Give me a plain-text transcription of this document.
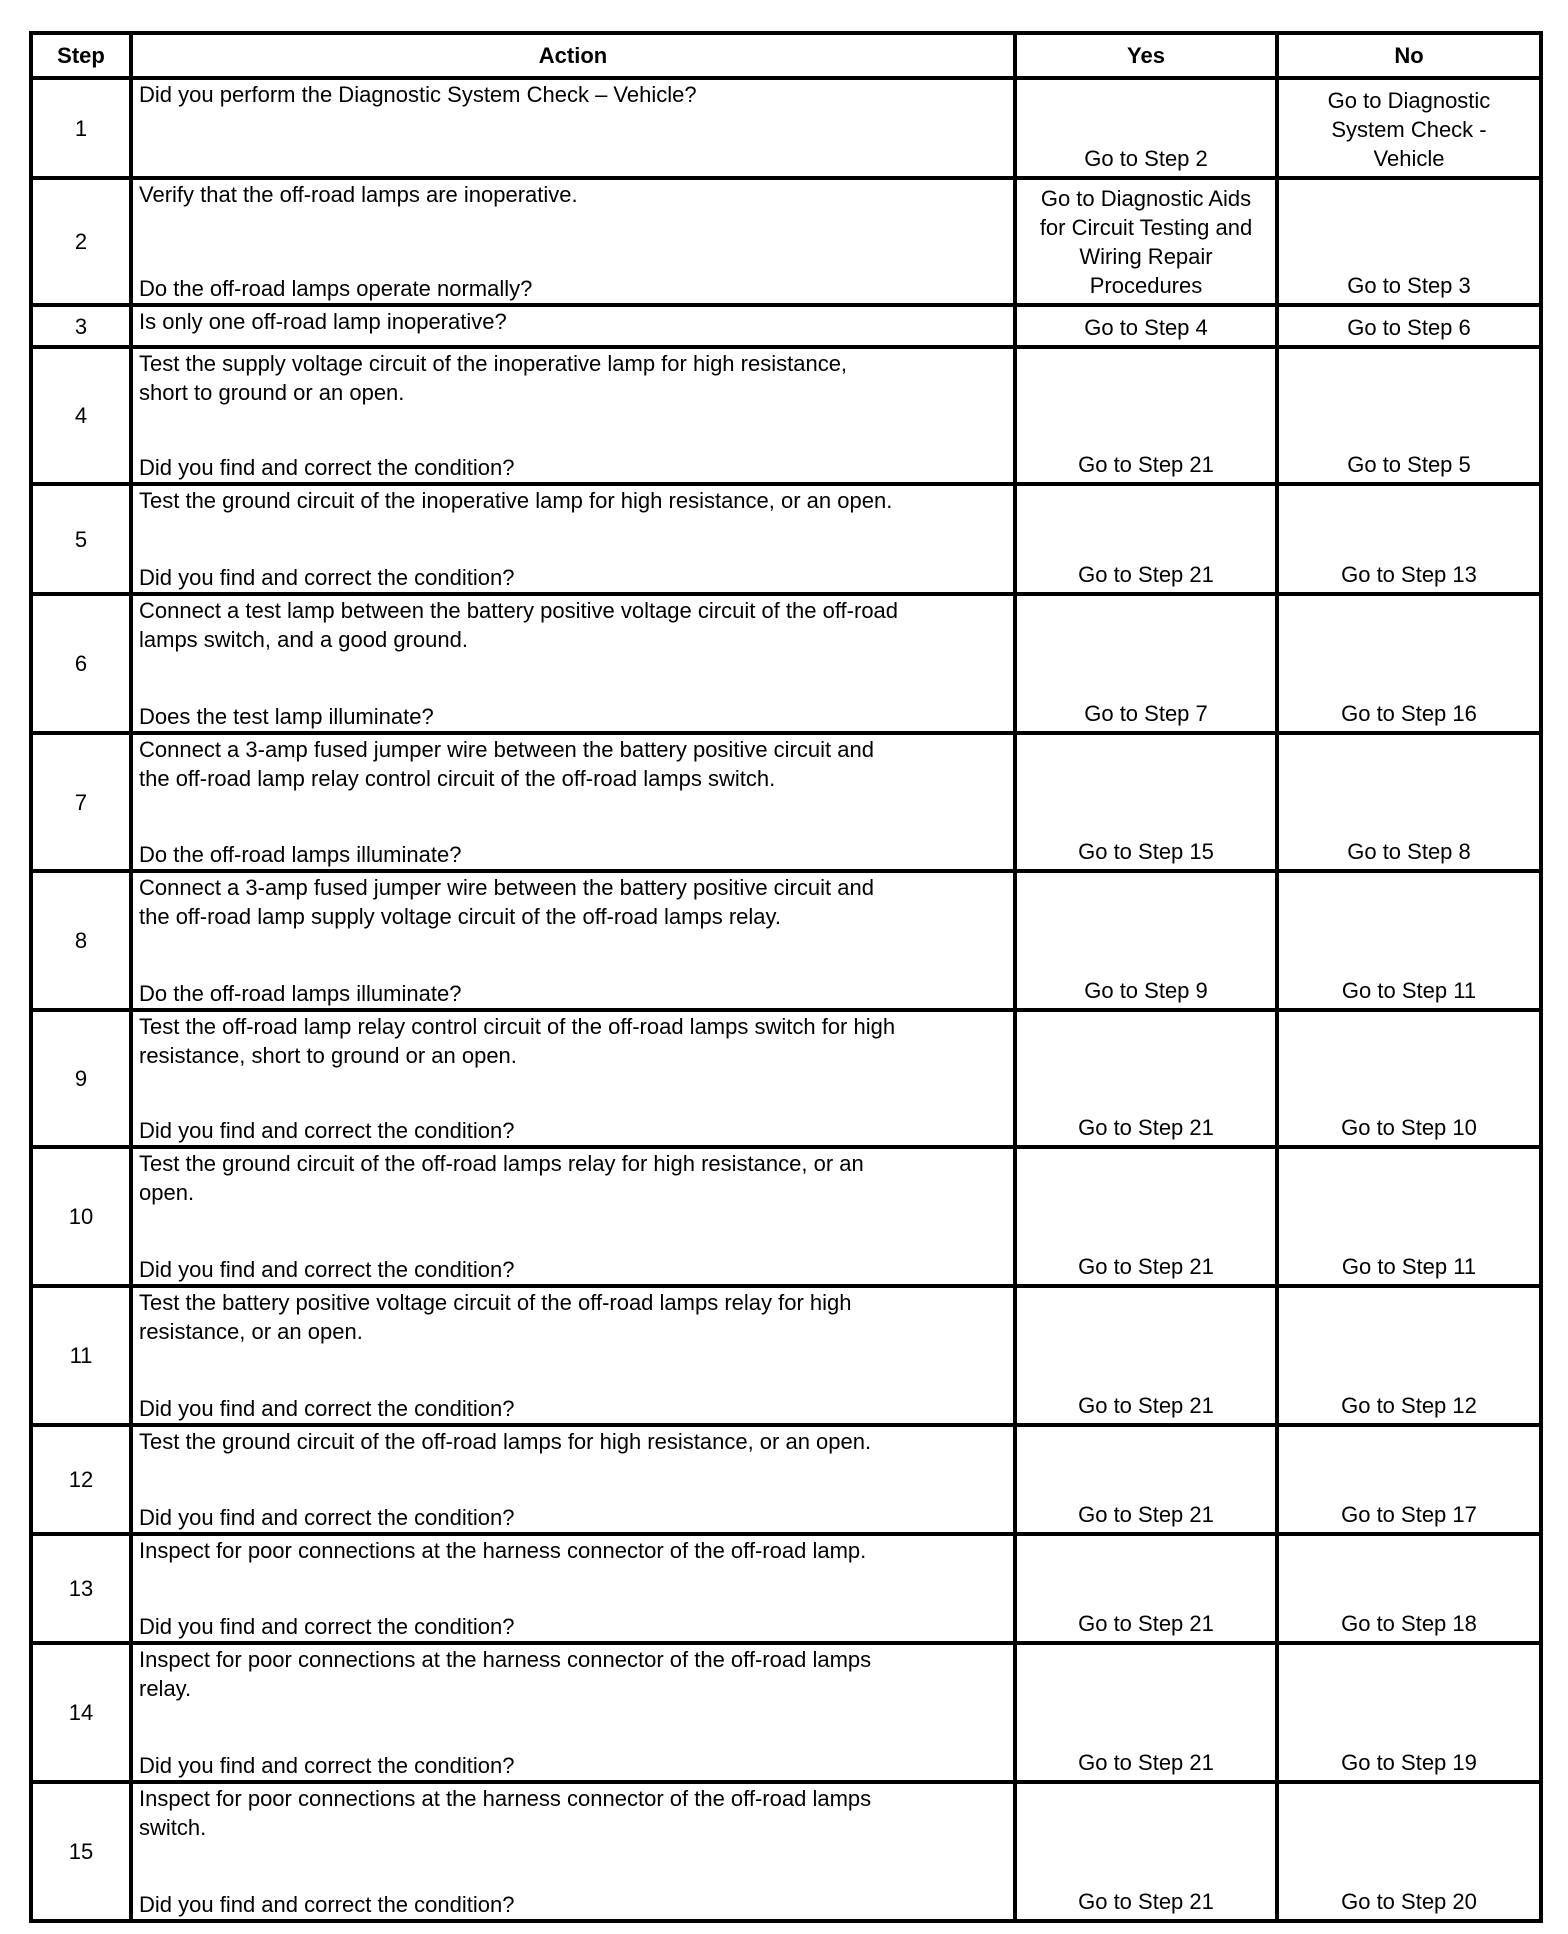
Step	Action	Yes	No
1	Did you perform the Diagnostic System Check – Vehicle?	Go to Step 2	Go to Diagnostic
System Check -
Vehicle
2	Verify that the off-road lamps are inoperative.
Do the off-road lamps operate normally?	Go to Diagnostic Aids
for Circuit Testing and
Wiring Repair
Procedures	Go to Step 3
3	Is only one off-road lamp inoperative?	Go to Step 4	Go to Step 6
4	Test the supply voltage circuit of the inoperative lamp for high resistance,
short to ground or an open.
Did you find and correct the condition?	Go to Step 21	Go to Step 5
5	Test the ground circuit of the inoperative lamp for high resistance, or an open.
Did you find and correct the condition?	Go to Step 21	Go to Step 13
6	Connect a test lamp between the battery positive voltage circuit of the off-road
lamps switch, and a good ground.
Does the test lamp illuminate?	Go to Step 7	Go to Step 16
7	Connect a 3-amp fused jumper wire between the battery positive circuit and
the off-road lamp relay control circuit of the off-road lamps switch.
Do the off-road lamps illuminate?	Go to Step 15	Go to Step 8
8	Connect a 3-amp fused jumper wire between the battery positive circuit and
the off-road lamp supply voltage circuit of the off-road lamps relay.
Do the off-road lamps illuminate?	Go to Step 9	Go to Step 11
9	Test the off-road lamp relay control circuit of the off-road lamps switch for high
resistance, short to ground or an open.
Did you find and correct the condition?	Go to Step 21	Go to Step 10
10	Test the ground circuit of the off-road lamps relay for high resistance, or an
open.
Did you find and correct the condition?	Go to Step 21	Go to Step 11
11	Test the battery positive voltage circuit of the off-road lamps relay for high
resistance, or an open.
Did you find and correct the condition?	Go to Step 21	Go to Step 12
12	Test the ground circuit of the off-road lamps for high resistance, or an open.
Did you find and correct the condition?	Go to Step 21	Go to Step 17
13	Inspect for poor connections at the harness connector of the off-road lamp.
Did you find and correct the condition?	Go to Step 21	Go to Step 18
14	Inspect for poor connections at the harness connector of the off-road lamps
relay.
Did you find and correct the condition?	Go to Step 21	Go to Step 19
15	Inspect for poor connections at the harness connector of the off-road lamps
switch.
Did you find and correct the condition?	Go to Step 21	Go to Step 20
